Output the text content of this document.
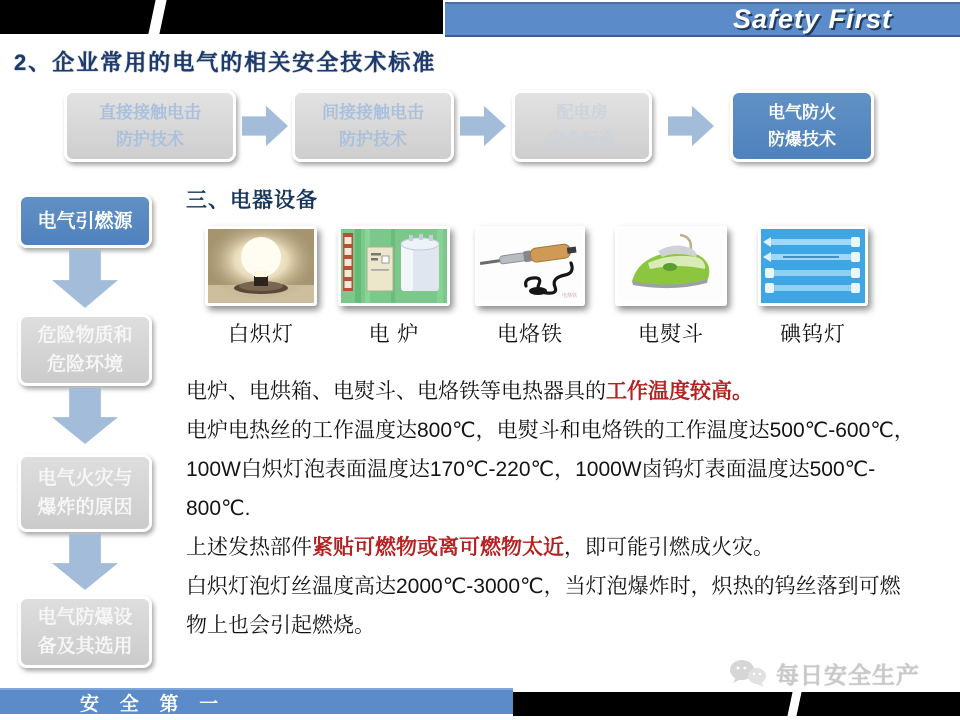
Safety First
2、企业常用的电气的相关安全技术标准
直接接触电击
防护技术
间接接触电击
防护技术
配电房
安全标准
电气防火
防爆技术
电气引燃源
危险物质和
危险环境
电气火灾与
爆炸的原因
电气防爆设
备及其选用
三、电器设备
白炽灯	电 炉
电烙铁
电烙铁	电熨斗	碘钨灯
电炉、电烘箱、电熨斗、电烙铁等电热器具的工作温度较高。
电炉电热丝的工作温度达800℃，电熨斗和电烙铁的工作温度达500℃-600℃，
100W白炽灯泡表面温度达170℃-220℃，1000W卤钨灯表面温度达500℃-
800℃.
上述发热部件紧贴可燃物或离可燃物太近，即可能引燃成火灾。
白炽灯泡灯丝温度高达2000℃-3000℃，当灯泡爆炸时，炽热的钨丝落到可燃
物上也会引起燃烧。
每日安全生产
安 全 第 一
